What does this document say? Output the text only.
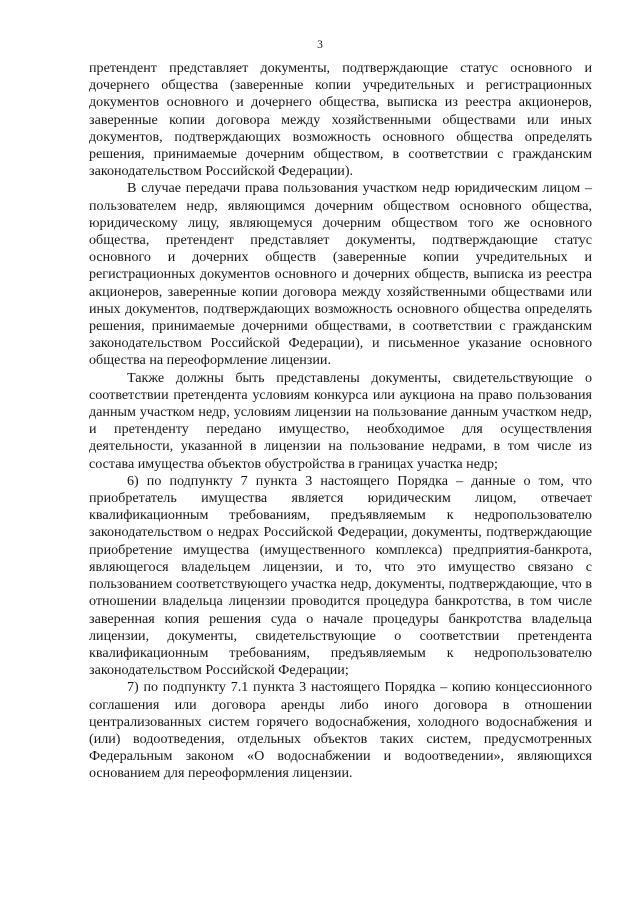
3

претендент представляет документы, подтверждающие статус основного и дочернего общества (заверенные копии учредительных и регистрационных документов основного и дочернего общества, выписка из реестра акционеров, заверенные копии договора между хозяйственными обществами или иных документов, подтверждающих возможность основного общества определять решения, принимаемые дочерним обществом, в соответствии с гражданским законодательством Российской Федерации).

В случае передачи права пользования участком недр юридическим лицом – пользователем недр, являющимся дочерним обществом основного общества, юридическому лицу, являющемуся дочерним обществом того же основного общества, претендент представляет документы, подтверждающие статус основного и дочерних обществ (заверенные копии учредительных и регистрационных документов основного и дочерних обществ, выписка из реестра акционеров, заверенные копии договора между хозяйственными обществами или иных документов, подтверждающих возможность основного общества определять решения, принимаемые дочерними обществами, в соответствии с гражданским законодательством Российской Федерации), и письменное указание основного общества на переоформление лицензии.

Также должны быть представлены документы, свидетельствующие о соответствии претендента условиям конкурса или аукциона на право пользования данным участком недр, условиям лицензии на пользование данным участком недр, и претенденту передано имущество, необходимое для осуществления деятельности, указанной в лицензии на пользование недрами, в том числе из состава имущества объектов обустройства в границах участка недр;

6) по подпункту 7 пункта 3 настоящего Порядка – данные о том, что приобретатель имущества является юридическим лицом, отвечает квалификационным требованиям, предъявляемым к недропользователю законодательством о недрах Российской Федерации, документы, подтверждающие приобретение имущества (имущественного комплекса) предприятия-банкрота, являющегося владельцем лицензии, и то, что это имущество связано с пользованием соответствующего участка недр, документы, подтверждающие, что в отношении владельца лицензии проводится процедура банкротства, в том числе заверенная копия решения суда о начале процедуры банкротства владельца лицензии, документы, свидетельствующие о соответствии претендента квалификационным требованиям, предъявляемым к недропользователю законодательством Российской Федерации;

7) по подпункту 7.1 пункта 3 настоящего Порядка – копию концессионного соглашения или договора аренды либо иного договора в отношении централизованных систем горячего водоснабжения, холодного водоснабжения и (или) водоотведения, отдельных объектов таких систем, предусмотренных Федеральным законом «О водоснабжении и водоотведении», являющихся основанием для переоформления лицензии.
